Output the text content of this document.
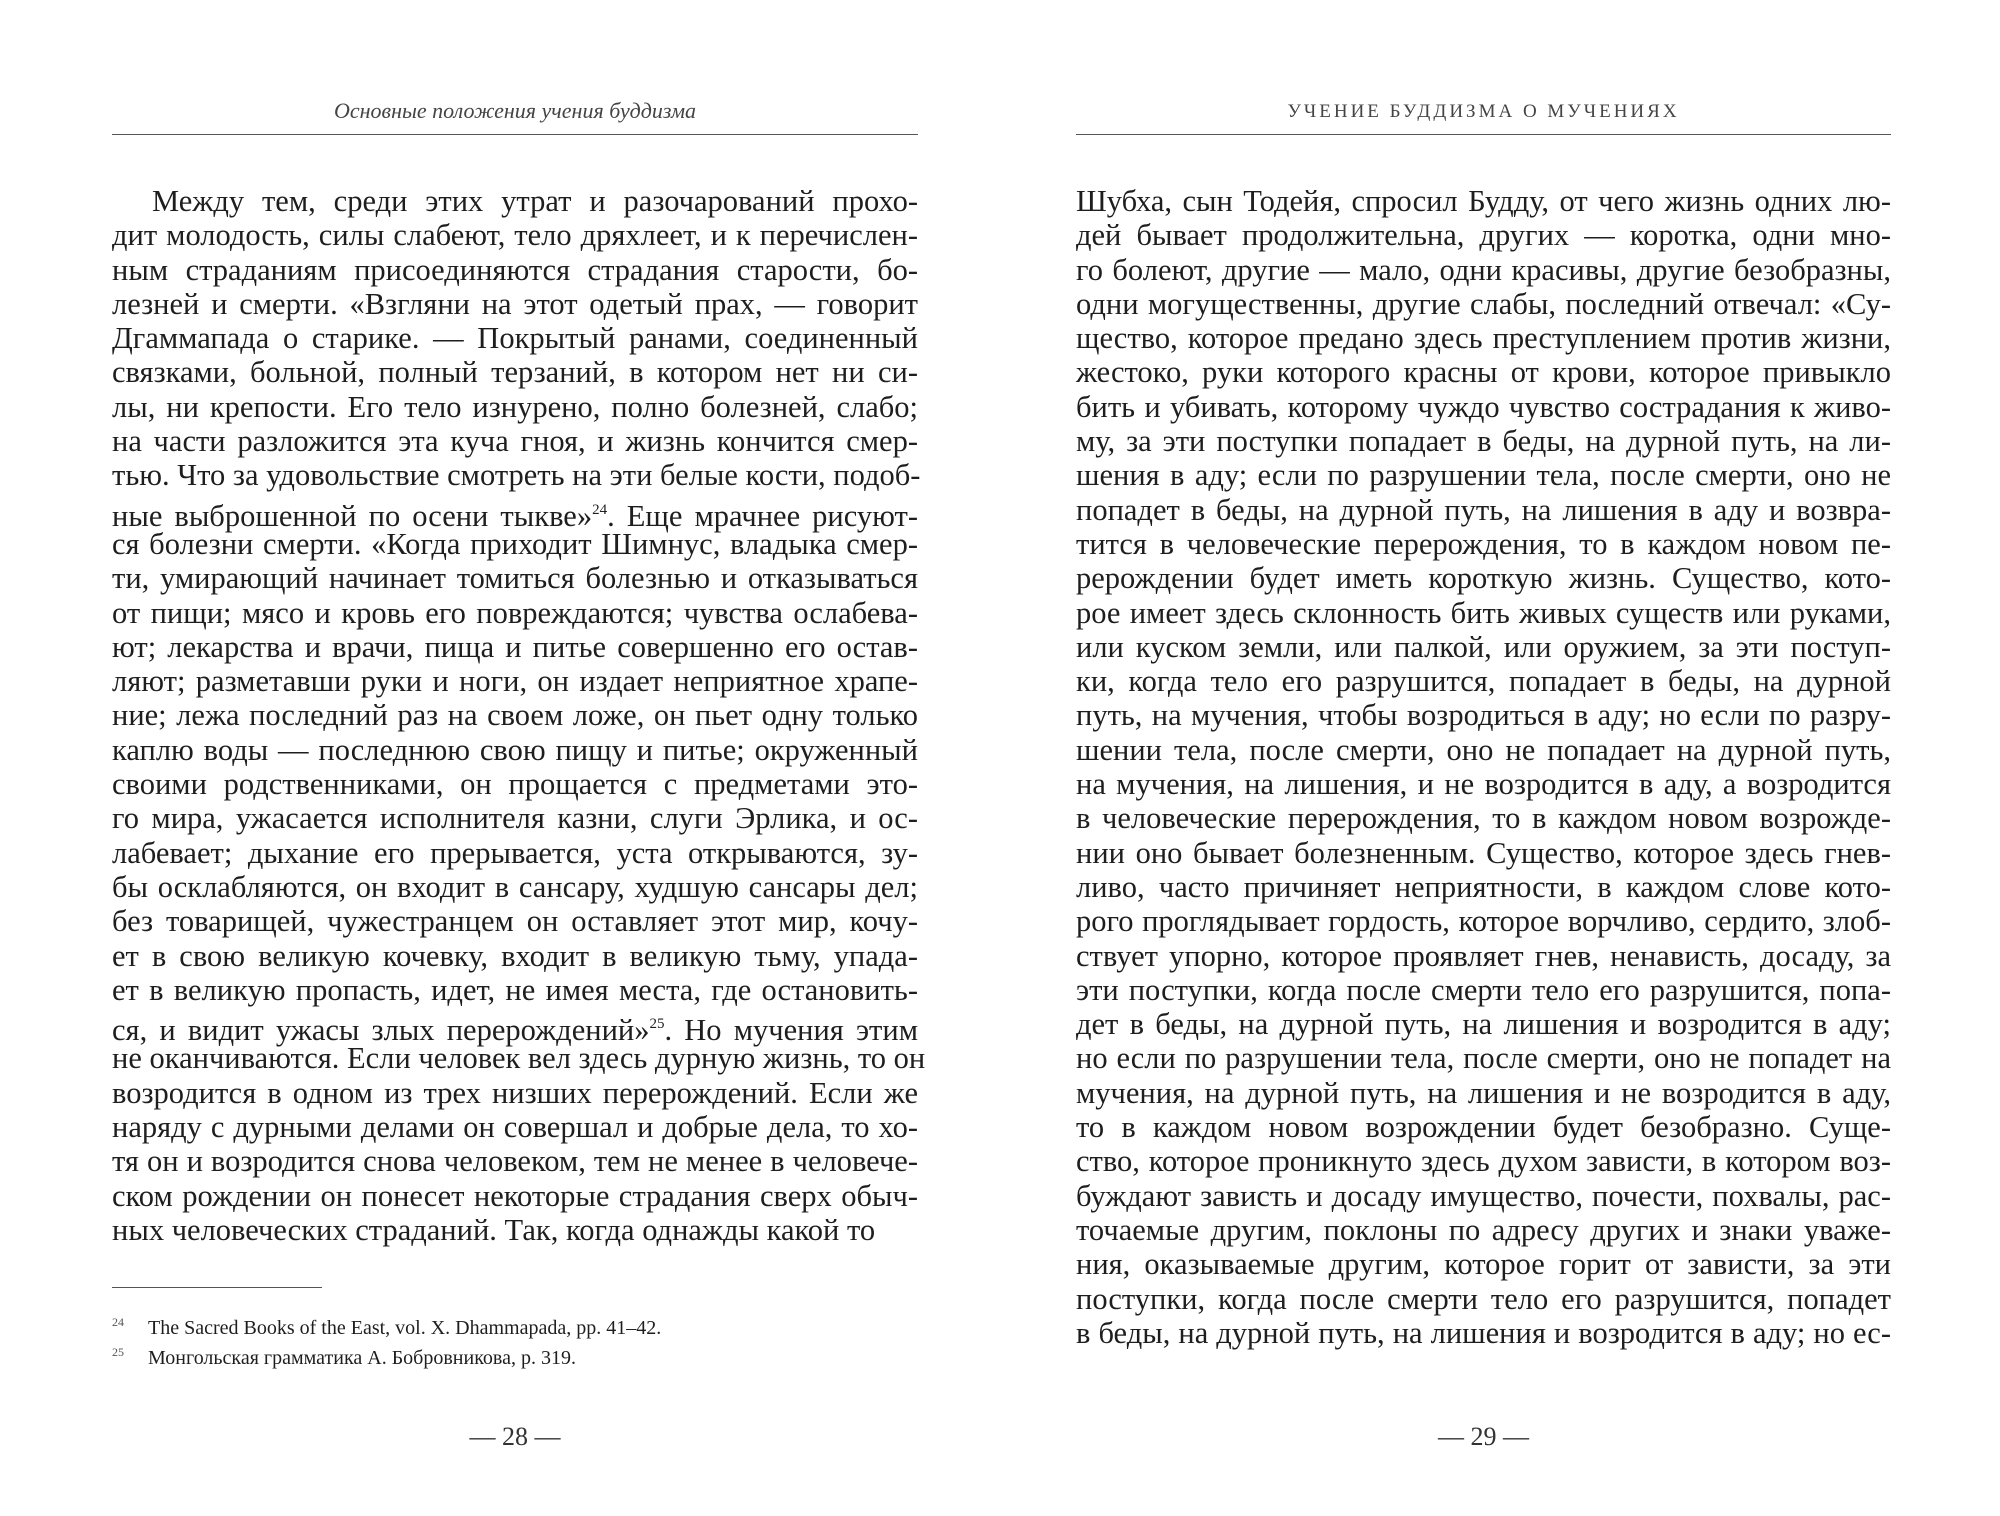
Основные положения учения буддизма
Между тем, среди этих утрат и разочарований прохо-
дит молодость, силы слабеют, тело дряхлеет, и к перечислен-
ным страданиям присоединяются страдания старости, бо-
лезней и смерти. «Взгляни на этот одетый прах, — говорит
Дгаммапада о старике. — Покрытый ранами, соединенный
связками, больной, полный терзаний, в котором нет ни си-
лы, ни крепости. Его тело изнурено, полно болезней, слабо;
на части разложится эта куча гноя, и жизнь кончится смер-
тью. Что за удовольствие смотреть на эти белые кости, подоб-
ные выброшенной по осени тыкве»$^{24}$. Еще мрачнее рисуют-
ся болезни смерти. «Когда приходит Шимнус, владыка смер-
ти, умирающий начинает томиться болезнью и отказываться
от пищи; мясо и кровь его повреждаются; чувства ослабева-
ют; лекарства и врачи, пища и питье совершенно его остав-
ляют; разметавши руки и ноги, он издает неприятное храпе-
ние; лежа последний раз на своем ложе, он пьет одну только
каплю воды — последнюю свою пищу и питье; окруженный
своими родственниками, он прощается с предметами это-
го мира, ужасается исполнителя казни, слуги Эрлика, и ос-
лабевает; дыхание его прерывается, уста открываются, зу-
бы осклабляются, он входит в сансару, худшую сансары дел;
без товарищей, чужестранцем он оставляет этот мир, кочу-
ет в свою великую кочевку, входит в великую тьму, упада-
ет в великую пропасть, идет, не имея места, где остановить-
ся, и видит ужасы злых перерождений»$^{25}$. Но мучения этим
не оканчиваются. Если человек вел здесь дурную жизнь, то он
возродится в одном из трех низших перерождений. Если же
наряду с дурными делами он совершал и добрые дела, то хо-
тя он и возродится снова человеком, тем не менее в человече-
ском рождении он понесет некоторые страдания сверх обыч-
ных человеческих страданий. Так, когда однажды какой то
24	The Sacred Books of the East, vol. X. Dhammapada, pp. 41–42.
25	Монгольская грамматика А. Бобровникова, p. 319.
— 28 —
УЧЕНИЕ БУДДИЗМА О МУЧЕНИЯХ
Шубха, сын Тодейя, спросил Будду, от чего жизнь одних лю-
дей бывает продолжительна, других — коротка, одни мно-
го болеют, другие — мало, одни красивы, другие безобразны,
одни могущественны, другие слабы, последний отвечал: «Су-
щество, которое предано здесь преступлением против жизни,
жестоко, руки которого красны от крови, которое привыкло
бить и убивать, которому чуждо чувство сострадания к живо-
му, за эти поступки попадает в беды, на дурной путь, на ли-
шения в аду; если по разрушении тела, после смерти, оно не
попадет в беды, на дурной путь, на лишения в аду и возвра-
тится в человеческие перерождения, то в каждом новом пе-
рерождении будет иметь короткую жизнь. Существо, кото-
рое имеет здесь склонность бить живых существ или руками,
или куском земли, или палкой, или оружием, за эти поступ-
ки, когда тело его разрушится, попадает в беды, на дурной
путь, на мучения, чтобы возродиться в аду; но если по разру-
шении тела, после смерти, оно не попадает на дурной путь,
на мучения, на лишения, и не возродится в аду, а возродится
в человеческие перерождения, то в каждом новом возрожде-
нии оно бывает болезненным. Существо, которое здесь гнев-
ливо, часто причиняет неприятности, в каждом слове кото-
рого проглядывает гордость, которое ворчливо, сердито, злоб-
ствует упорно, которое проявляет гнев, ненависть, досаду, за
эти поступки, когда после смерти тело его разрушится, попа-
дет в беды, на дурной путь, на лишения и возродится в аду;
но если по разрушении тела, после смерти, оно не попадет на
мучения, на дурной путь, на лишения и не возродится в аду,
то в каждом новом возрождении будет безобразно. Суще-
ство, которое проникнуто здесь духом зависти, в котором воз-
буждают зависть и досаду имущество, почести, похвалы, рас-
точаемые другим, поклоны по адресу других и знаки уваже-
ния, оказываемые другим, которое горит от зависти, за эти
поступки, когда после смерти тело его разрушится, попадет
в беды, на дурной путь, на лишения и возродится в аду; но ес-
— 29 —
